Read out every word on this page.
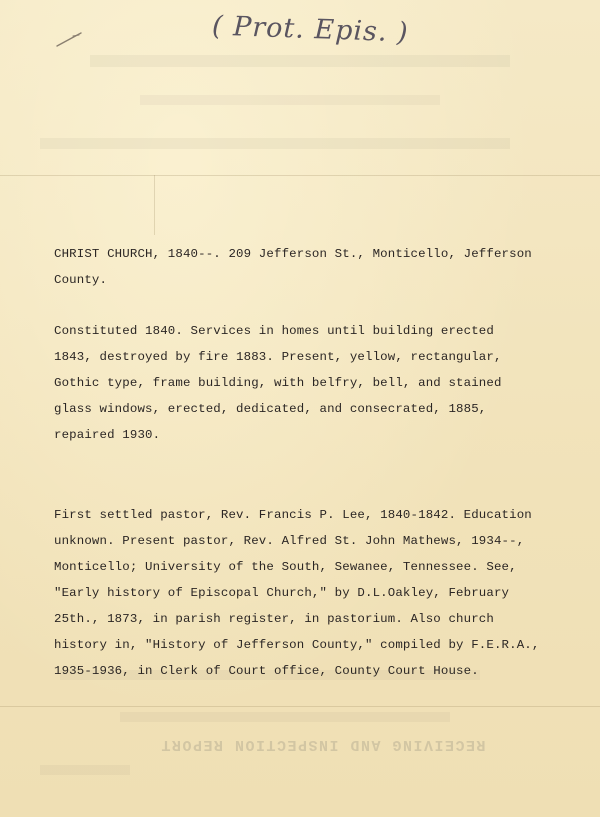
RECEIVING AND INSPECTION REPORT
( Prot. Epis. )
CHRIST CHURCH, 1840--. 209 Jefferson St., Monticello, Jefferson
County.
Constituted 1840. Services in homes until building erected
1843, destroyed by fire 1883. Present, yellow, rectangular,
Gothic type, frame building, with belfry, bell, and stained
glass windows, erected, dedicated, and consecrated, 1885,
repaired 1930.
First settled pastor, Rev. Francis P. Lee, 1840-1842. Education
unknown. Present pastor, Rev. Alfred St. John Mathews, 1934--,
Monticello; University of the South, Sewanee, Tennessee. See,
"Early history of Episcopal Church," by D.L.Oakley, February
25th., 1873, in parish register, in pastorium. Also church
history in, "History of Jefferson County," compiled by F.E.R.A.,
1935-1936, in Clerk of Court office, County Court House.
